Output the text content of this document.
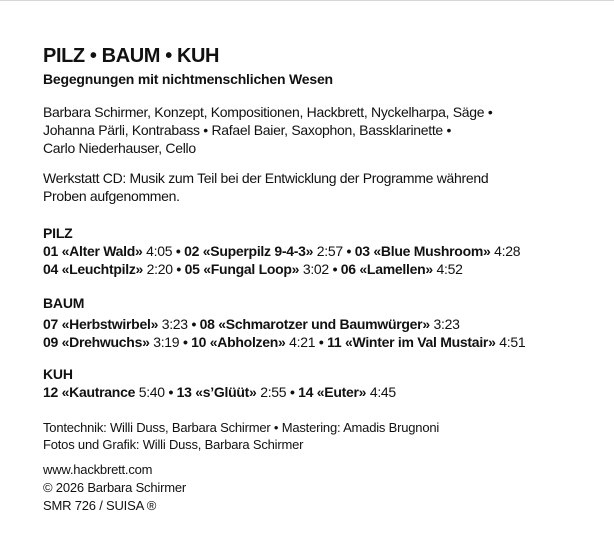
PILZ • BAUM • KUH
Begegnungen mit nichtmenschlichen Wesen
Barbara Schirmer, Konzept, Kompositionen, Hackbrett, Nyckelharpa, Säge •
Johanna Pärli, Kontrabass • Rafael Baier, Saxophon, Bassklarinette •
Carlo Niederhauser, Cello
Werkstatt CD: Musik zum Teil bei der Entwicklung der Programme während
Proben aufgenommen.
PILZ
01 «Alter Wald» 4:05 • 02 «Superpilz 9-4-3» 2:57 • 03 «Blue Mushroom» 4:28
04 «Leuchtpilz» 2:20 • 05 «Fungal Loop» 3:02 • 06 «Lamellen» 4:52
BAUM
07 «Herbstwirbel» 3:23 • 08 «Schmarotzer und Baumwürger» 3:23
09 «Drehwuchs» 3:19 • 10 «Abholzen» 4:21 • 11 «Winter im Val Mustair» 4:51
KUH
12 «Kautrance 5:40 • 13 «s’Glüüt» 2:55 • 14 «Euter» 4:45
Tontechnik: Willi Duss, Barbara Schirmer • Mastering: Amadis Brugnoni
Fotos und Grafik: Willi Duss, Barbara Schirmer
www.hackbrett.com
© 2026 Barbara Schirmer
SMR 726 / SUISA ®
